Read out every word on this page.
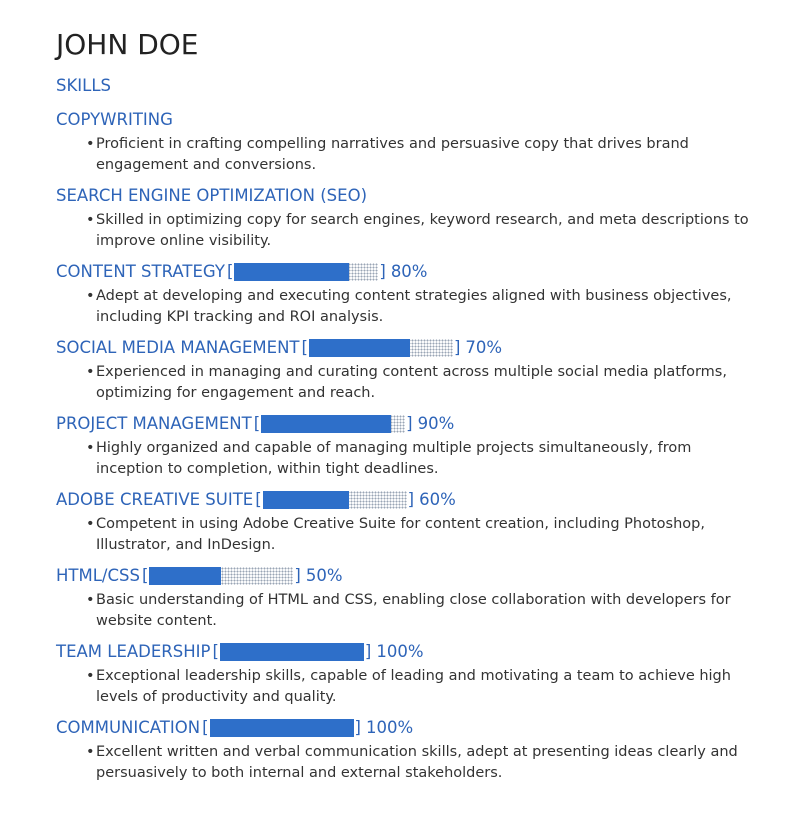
JOHN DOE
SKILLS
COPYWRITING
• Proficient in crafting compelling narratives and persuasive copy that drives brand engagement and conversions.
SEARCH ENGINE OPTIMIZATION (SEO)
• Skilled in optimizing copy for search engines, keyword research, and meta descriptions to improve online visibility.
CONTENT STRATEGY [	] 80%
• Adept at developing and executing content strategies aligned with business objectives, including KPI tracking and ROI analysis.
SOCIAL MEDIA MANAGEMENT [	] 70%
• Experienced in managing and curating content across multiple social media platforms, optimizing for engagement and reach.
PROJECT MANAGEMENT [	] 90%
• Highly organized and capable of managing multiple projects simultaneously, from inception to completion, within tight deadlines.
ADOBE CREATIVE SUITE [	] 60%
• Competent in using Adobe Creative Suite for content creation, including Photoshop, Illustrator, and InDesign.
HTML/CSS [	] 50%
• Basic understanding of HTML and CSS, enabling close collaboration with developers for website content.
TEAM LEADERSHIP [	] 100%
• Exceptional leadership skills, capable of leading and motivating a team to achieve high levels of productivity and quality.
COMMUNICATION [	] 100%
• Excellent written and verbal communication skills, adept at presenting ideas clearly and persuasively to both internal and external stakeholders.
